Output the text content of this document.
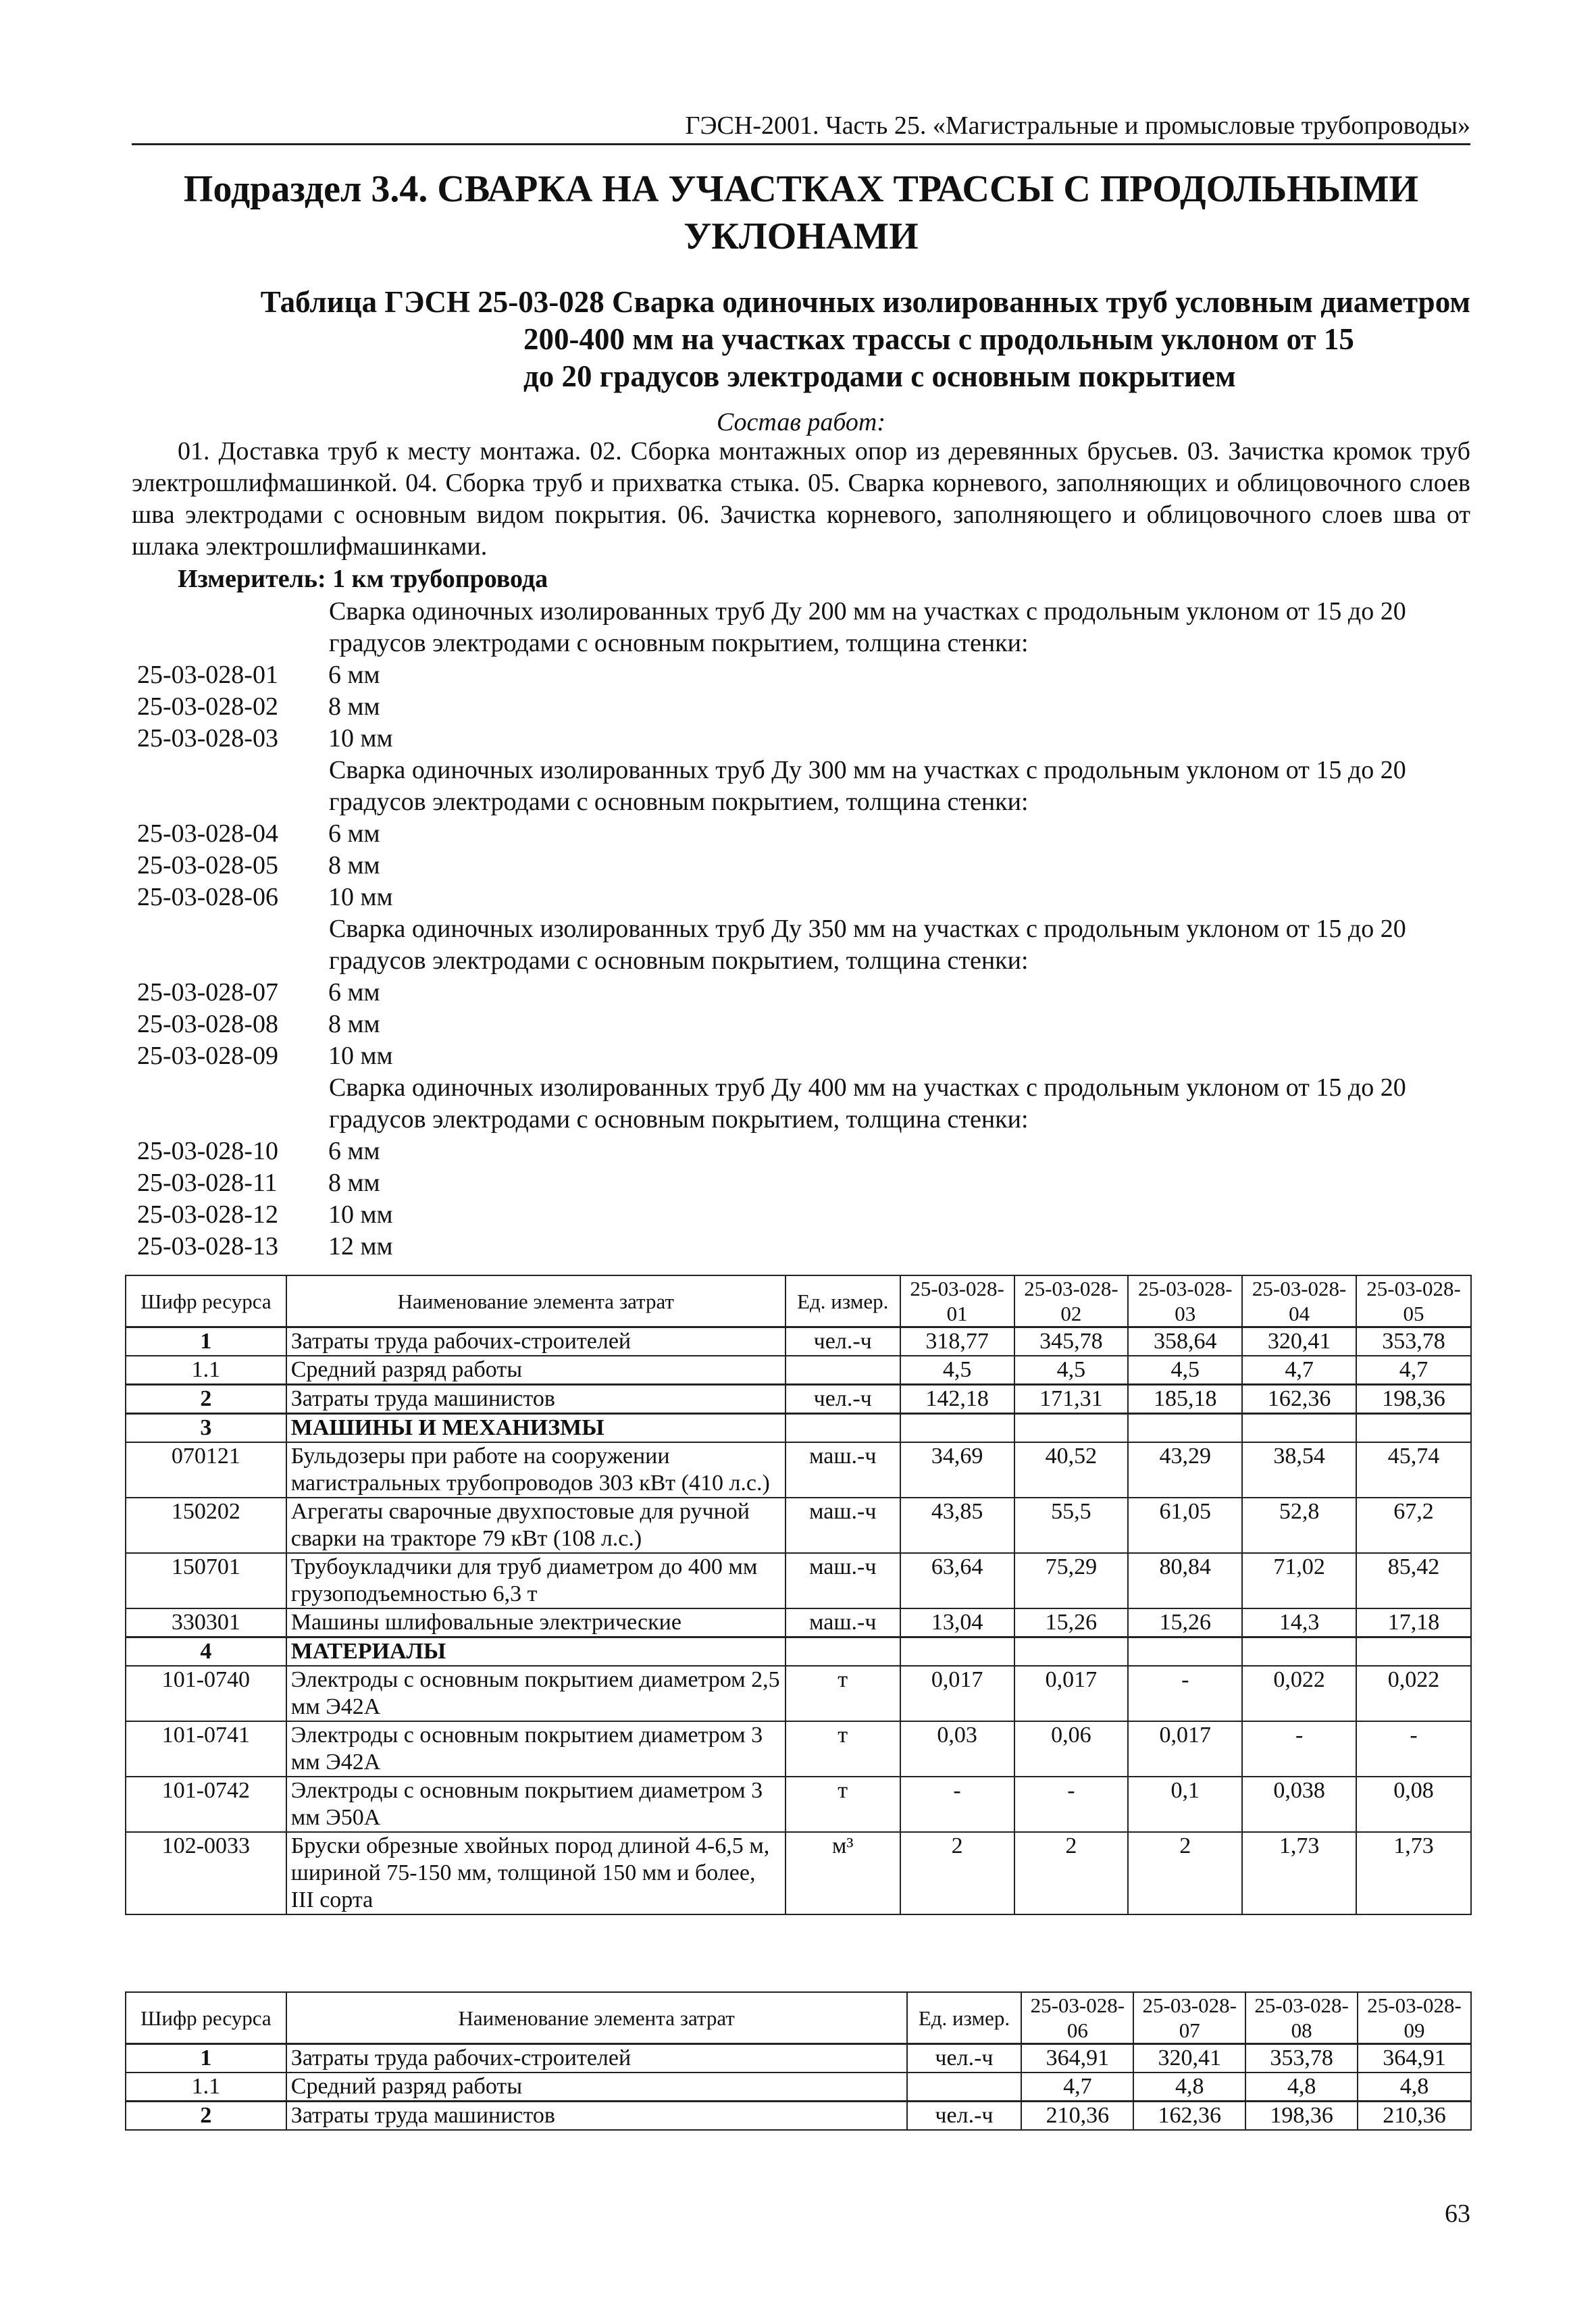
ГЭСН-2001. Часть 25. «Магистральные и промысловые трубопроводы»
Подраздел 3.4. СВАРКА НА УЧАСТКАХ ТРАССЫ С ПРОДОЛЬНЫМИ
УКЛОНАМИ
Таблица ГЭСН 25-03-028 Сварка одиночных изолированных труб условным диаметром
200-400 мм на участках трассы с продольным уклоном от 15
до 20 градусов электродами с основным покрытием
Состав работ:
01. Доставка труб к месту монтажа. 02. Сборка монтажных опор из деревянных брусьев. 03. Зачистка кромок труб электрошлифмашинкой. 04. Сборка труб и прихватка стыка. 05. Сварка корневого, заполняющих и облицовочного слоев шва электродами с основным видом покрытия. 06. Зачистка корневого, заполняющего и облицовочного слоев шва от шлака электрошлифмашинками.
Измеритель: 1 км трубопровода
Сварка одиночных изолированных труб Ду 200 мм на участках с продольным уклоном от 15 до 20 градусов электродами с основным покрытием, толщина стенки:
25-03-028-01 6 мм
25-03-028-02 8 мм
25-03-028-03 10 мм
Сварка одиночных изолированных труб Ду 300 мм на участках с продольным уклоном от 15 до 20 градусов электродами с основным покрытием, толщина стенки:
25-03-028-04 6 мм
25-03-028-05 8 мм
25-03-028-06 10 мм
Сварка одиночных изолированных труб Ду 350 мм на участках с продольным уклоном от 15 до 20 градусов электродами с основным покрытием, толщина стенки:
25-03-028-07 6 мм
25-03-028-08 8 мм
25-03-028-09 10 мм
Сварка одиночных изолированных труб Ду 400 мм на участках с продольным уклоном от 15 до 20 градусов электродами с основным покрытием, толщина стенки:
25-03-028-10 6 мм
25-03-028-11 8 мм
25-03-028-12 10 мм
25-03-028-13 12 мм
Шифр ресурса	Наименование элемента затрат	Ед. измер.	25-03-028-01	25-03-028-02	25-03-028-03	25-03-028-04	25-03-028-05
1	Затраты труда рабочих-строителей	чел.-ч	318,77	345,78	358,64	320,41	353,78
1.1	Средний разряд работы		4,5	4,5	4,5	4,7	4,7
2	Затраты труда машинистов	чел.-ч	142,18	171,31	185,18	162,36	198,36
3	МАШИНЫ И МЕХАНИЗМЫ						
070121	Бульдозеры при работе на сооружении магистральных трубопроводов 303 кВт (410 л.с.)	маш.-ч	34,69	40,52	43,29	38,54	45,74
150202	Агрегаты сварочные двухпостовые для ручной сварки на тракторе 79 кВт (108 л.с.)	маш.-ч	43,85	55,5	61,05	52,8	67,2
150701	Трубоукладчики для труб диаметром до 400 мм грузоподъемностью 6,3 т	маш.-ч	63,64	75,29	80,84	71,02	85,42
330301	Машины шлифовальные электрические	маш.-ч	13,04	15,26	15,26	14,3	17,18
4	МАТЕРИАЛЫ						
101-0740	Электроды с основным покрытием диаметром 2,5 мм Э42А	т	0,017	0,017	-	0,022	0,022
101-0741	Электроды с основным покрытием диаметром 3 мм Э42А	т	0,03	0,06	0,017	-	-
101-0742	Электроды с основным покрытием диаметром 3 мм Э50А	т	-	-	0,1	0,038	0,08
102-0033	Бруски обрезные хвойных пород длиной 4-6,5 м, шириной 75-150 мм, толщиной 150 мм и более, III сорта	м³	2	2	2	1,73	1,73
Шифр ресурса	Наименование элемента затрат	Ед. измер.	25-03-028-06	25-03-028-07	25-03-028-08	25-03-028-09
1	Затраты труда рабочих-строителей	чел.-ч	364,91	320,41	353,78	364,91
1.1	Средний разряд работы		4,7	4,8	4,8	4,8
2	Затраты труда машинистов	чел.-ч	210,36	162,36	198,36	210,36
63
